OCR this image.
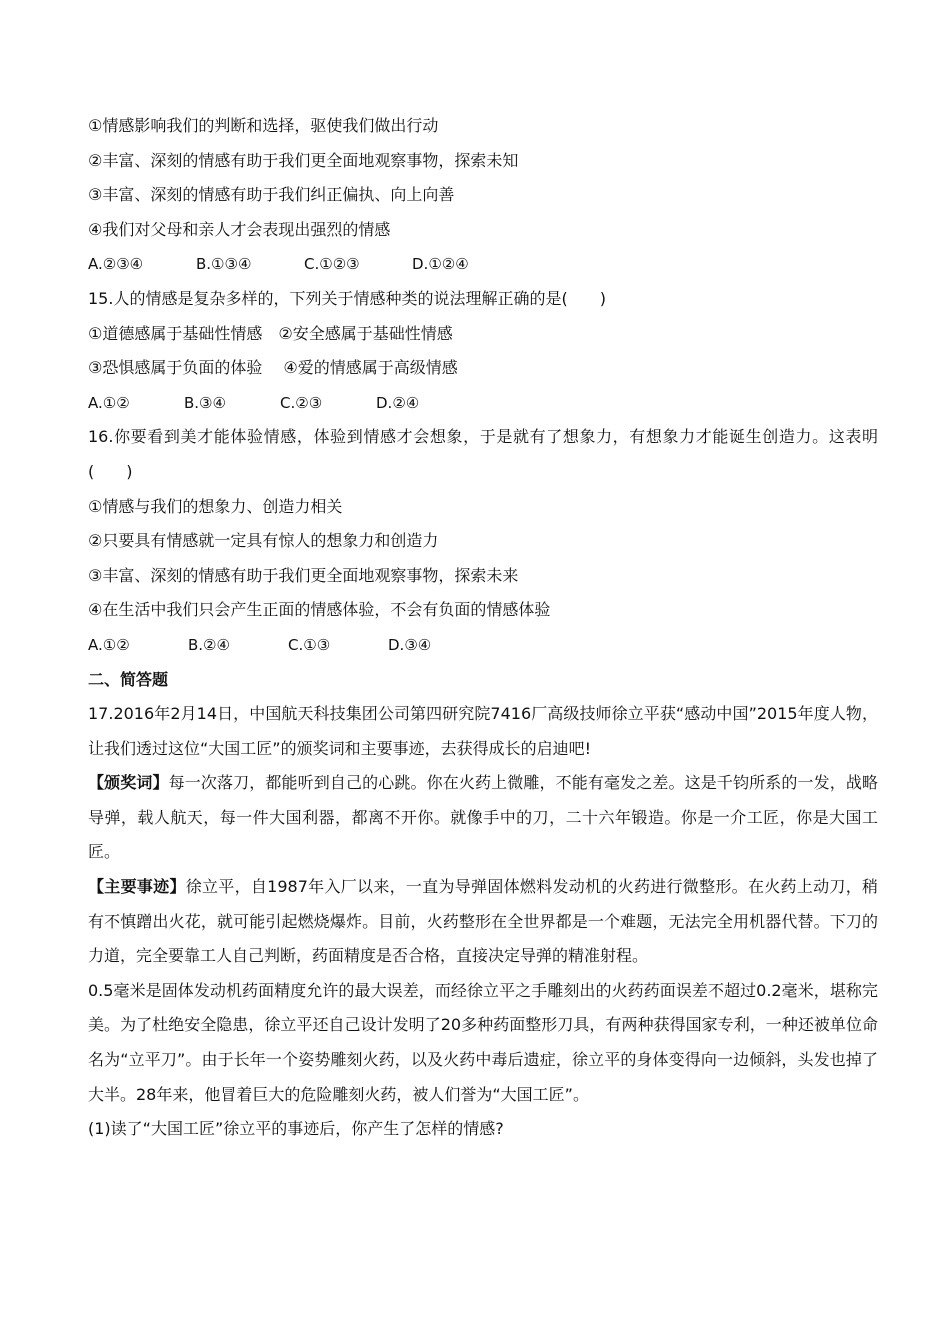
①情感影响我们的判断和选择，驱使我们做出行动
②丰富、深刻的情感有助于我们更全面地观察事物，探索未知
③丰富、深刻的情感有助于我们纠正偏执、向上向善
④我们对父母和亲人才会表现出强烈的情感
A.②③④	B.①③④	C.①②③	D.①②④
15.人的情感是复杂多样的，下列关于情感种类的说法理解正确的是(　　)
①道德感属于基础性情感　②安全感属于基础性情感
③恐惧感属于负面的体验　 ④爱的情感属于高级情感
A.①②	B.③④	C.②③	D.②④

16.你要看到美才能体验情感，体验到情感才会想象，于是就有了想象力，有想象力才能诞生创造力。这表明(　　)

①情感与我们的想象力、创造力相关
②只要具有情感就一定具有惊人的想象力和创造力
③丰富、深刻的情感有助于我们更全面地观察事物，探索未来
④在生活中我们只会产生正面的情感体验，不会有负面的情感体验
A.①②	B.②④	C.①③	D.③④
二、简答题

17.2016年2月14日，中国航天科技集团公司第四研究院7416厂高级技师徐立平获“感动中国”2015年度人物，让我们透过这位“大国工匠”的颁奖词和主要事迹，去获得成长的启迪吧!

【颁奖词】每一次落刀，都能听到自己的心跳。你在火药上微雕，不能有毫发之差。这是千钧所系的一发，战略导弹，载人航天，每一件大国利器，都离不开你。就像手中的刀，二十六年锻造。你是一介工匠，你是大国工匠。

【主要事迹】徐立平，自1987年入厂以来，一直为导弹固体燃料发动机的火药进行微整形。在火药上动刀，稍有不慎蹭出火花，就可能引起燃烧爆炸。目前，火药整形在全世界都是一个难题，无法完全用机器代替。下刀的力道，完全要靠工人自己判断，药面精度是否合格，直接决定导弹的精准射程。

0.5毫米是固体发动机药面精度允许的最大误差，而经徐立平之手雕刻出的火药药面误差不超过0.2毫米，堪称完美。为了杜绝安全隐患，徐立平还自己设计发明了20多种药面整形刀具，有两种获得国家专利，一种还被单位命名为“立平刀”。由于长年一个姿势雕刻火药，以及火药中毒后遗症，徐立平的身体变得向一边倾斜，头发也掉了大半。28年来，他冒着巨大的危险雕刻火药，被人们誉为“大国工匠”。

(1)读了“大国工匠”徐立平的事迹后，你产生了怎样的情感?
